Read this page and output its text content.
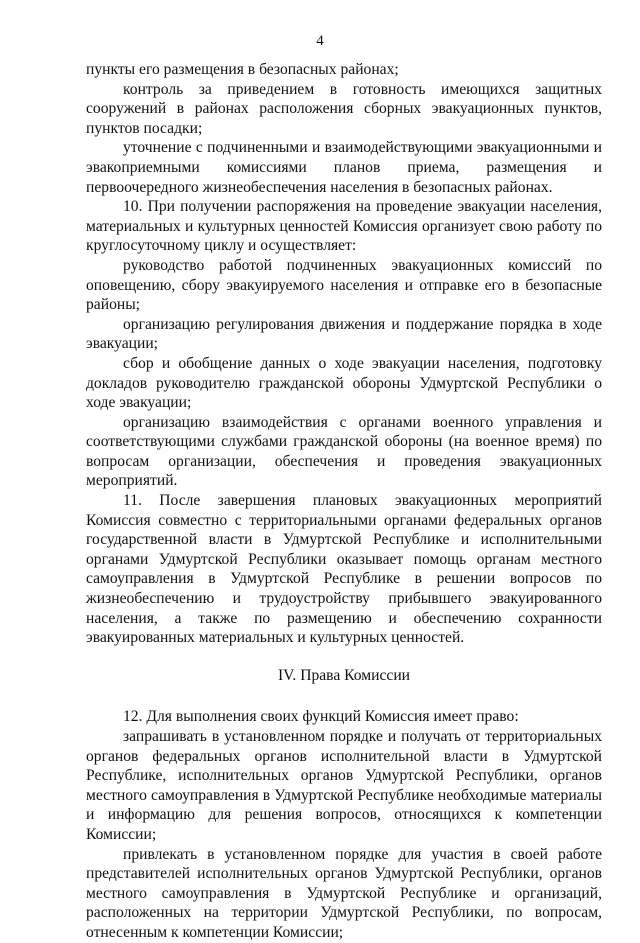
4

пункты его размещения в безопасных районах;

контроль за приведением в готовность имеющихся защитных сооружений в районах расположения сборных эвакуационных пунктов, пунктов посадки;

уточнение с подчиненными и взаимодействующими эвакуационными и эвакоприемными комиссиями планов приема, размещения и первоочередного жизнеобеспечения населения в безопасных районах.

10. При получении распоряжения на проведение эвакуации населения, материальных и культурных ценностей Комиссия организует свою работу по круглосуточному циклу и осуществляет:

руководство работой подчиненных эвакуационных комиссий по оповещению, сбору эвакуируемого населения и отправке его в безопасные районы;

организацию регулирования движения и поддержание порядка в ходе эвакуации;

сбор и обобщение данных о ходе эвакуации населения, подготовку докладов руководителю гражданской обороны Удмуртской Республики о ходе эвакуации;

организацию взаимодействия с органами военного управления и соответствующими службами гражданской обороны (на военное время) по вопросам организации, обеспечения и проведения эвакуационных мероприятий.

11. После завершения плановых эвакуационных мероприятий Комиссия совместно с территориальными органами федеральных органов государственной власти в Удмуртской Республике и исполнительными органами Удмуртской Республики оказывает помощь органам местного самоуправления в Удмуртской Республике в решении вопросов по жизнеобеспечению и трудоустройству прибывшего эвакуированного населения, а также по размещению и обеспечению сохранности эвакуированных материальных и культурных ценностей.

IV. Права Комиссии

12. Для выполнения своих функций Комиссия имеет право:

запрашивать в установленном порядке и получать от территориальных органов федеральных органов исполнительной власти в Удмуртской Республике, исполнительных органов Удмуртской Республики, органов местного самоуправления в Удмуртской Республике необходимые материалы и информацию для решения вопросов, относящихся к компетенции Комиссии;

привлекать в установленном порядке для участия в своей работе представителей исполнительных органов Удмуртской Республики, органов местного самоуправления в Удмуртской Республике и организаций, расположенных на территории Удмуртской Республики, по вопросам, отнесенным к компетенции Комиссии;
